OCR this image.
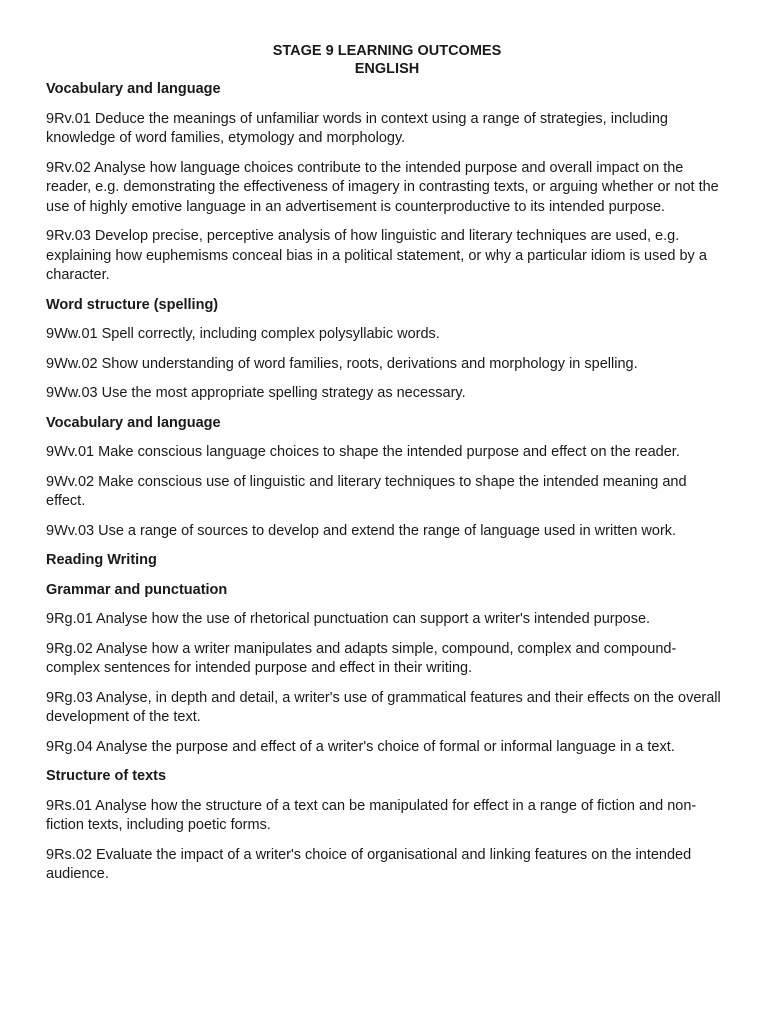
STAGE 9 LEARNING OUTCOMES
ENGLISH
Vocabulary and language
9Rv.01 Deduce the meanings of unfamiliar words in context using a range of strategies, including knowledge of word families, etymology and morphology.
9Rv.02 Analyse how language choices contribute to the intended purpose and overall impact on the reader, e.g. demonstrating the effectiveness of imagery in contrasting texts, or arguing whether or not the use of highly emotive language in an advertisement is counterproductive to its intended purpose.
9Rv.03 Develop precise, perceptive analysis of how linguistic and literary techniques are used, e.g. explaining how euphemisms conceal bias in a political statement, or why a particular idiom is used by a character.
Word structure (spelling)
9Ww.01 Spell correctly, including complex polysyllabic words.
9Ww.02 Show understanding of word families, roots, derivations and morphology in spelling.
9Ww.03 Use the most appropriate spelling strategy as necessary.
Vocabulary and language
9Wv.01 Make conscious language choices to shape the intended purpose and effect on the reader.
9Wv.02 Make conscious use of linguistic and literary techniques to shape the intended meaning and effect.
9Wv.03 Use a range of sources to develop and extend the range of language used in written work.
Reading Writing
Grammar and punctuation
9Rg.01 Analyse how the use of rhetorical punctuation can support a writer's intended purpose.
9Rg.02 Analyse how a writer manipulates and adapts simple, compound, complex and compound-complex sentences for intended purpose and effect in their writing.
9Rg.03 Analyse, in depth and detail, a writer's use of grammatical features and their effects on the overall development of the text.
9Rg.04 Analyse the purpose and effect of a writer's choice of formal or informal language in a text.
Structure of texts
9Rs.01 Analyse how the structure of a text can be manipulated for effect in a range of fiction and non-fiction texts, including poetic forms.
9Rs.02 Evaluate the impact of a writer's choice of organisational and linking features on the intended audience.
